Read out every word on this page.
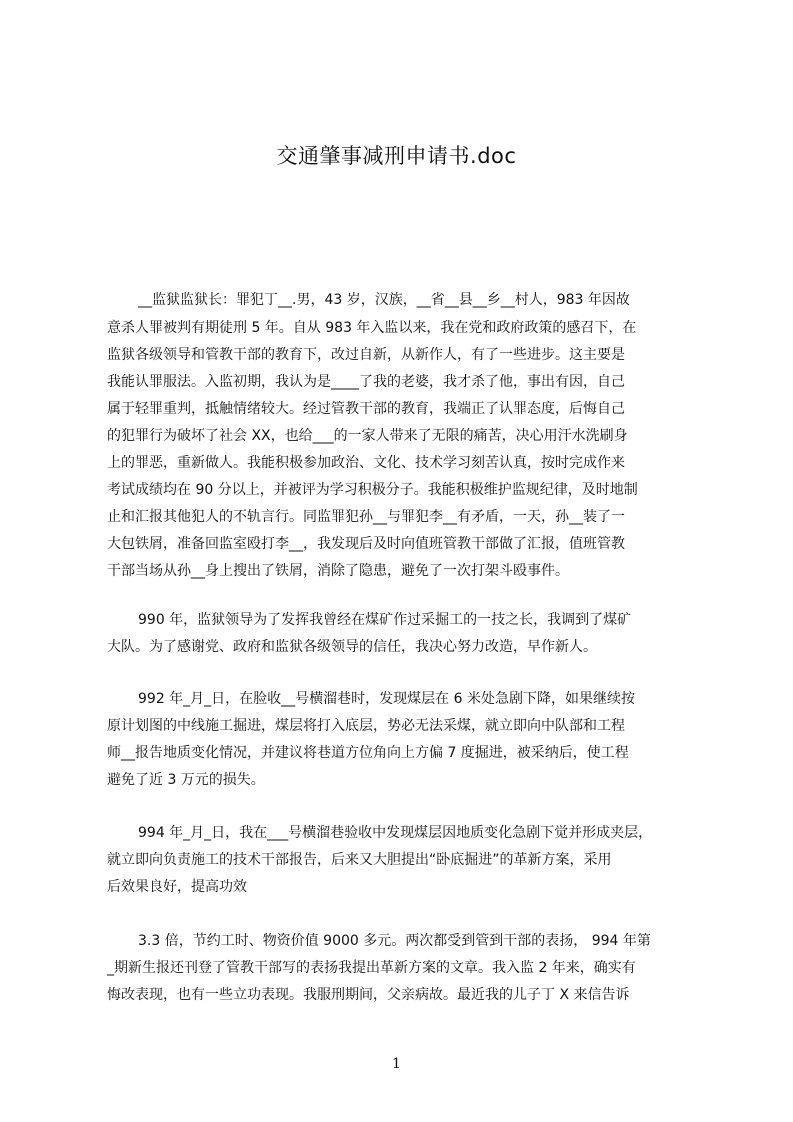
交通肇事减刑申请书.doc
__监狱监狱长：罪犯丁__.男，43 岁，汉族，__省__县__乡__村人，983 年因故
意杀人罪被判有期徒刑 5 年。自从 983 年入监以来，我在党和政府政策的感召下，在
监狱各级领导和管教干部的教育下，改过自新，从新作人，有了一些进步。这主要是
我能认罪服法。入监初期，我认为是____了我的老婆，我才杀了他，事出有因，自己
属于轻罪重判，抵触情绪较大。经过管教干部的教育，我端正了认罪态度，后悔自己
的犯罪行为破坏了社会 XX，也给___的一家人带来了无限的痛苦，决心用汗水洗刷身
上的罪恶，重新做人。我能积极参加政治、文化、技术学习刻苦认真，按时完成作来
考试成绩均在 90 分以上，并被评为学习积极分子。我能积极维护监规纪律，及时地制
止和汇报其他犯人的不轨言行。同监罪犯孙__与罪犯李__有矛盾，一天，孙__装了一
大包铁屑，准备回监室殴打李__，我发现后及时向值班管教干部做了汇报，值班管教
干部当场从孙__身上搜出了铁屑，消除了隐患，避免了一次打架斗殴事件。
990 年，监狱领导为了发挥我曾经在煤矿作过采掘工的一技之长，我调到了煤矿
大队。为了感谢党、政府和监狱各级领导的信任，我决心努力改造，早作新人。
992 年_月_日，在脸收__号横溜巷时，发现煤层在 6 米处急剧下降，如果继续按
原计划图的中线施工掘进，煤层将打入底层，势必无法采煤，就立即向中队部和工程
师__报告地质变化情况，并建议将巷道方位角向上方偏 7 度掘进，被采纳后，使工程
避免了近 3 万元的损失。
994 年_月_日，我在___号横溜巷验收中发现煤层因地质变化急剧下觉并形成夹层，
就立即向负责施工的技术干部报告，后来又大胆提出“卧底掘进”的革新方案，采用
后效果良好，提高功效
3.3 倍，节约工时、物资价值 9000 多元。两次都受到管到干部的表扬， 994 年第
_期新生报还刊登了管教干部写的表扬我提出革新方案的文章。我入监 2 年来，确实有
悔改表现，也有一些立功表现。我服刑期间，父亲病故。最近我的儿子丁 X 来信告诉
1
